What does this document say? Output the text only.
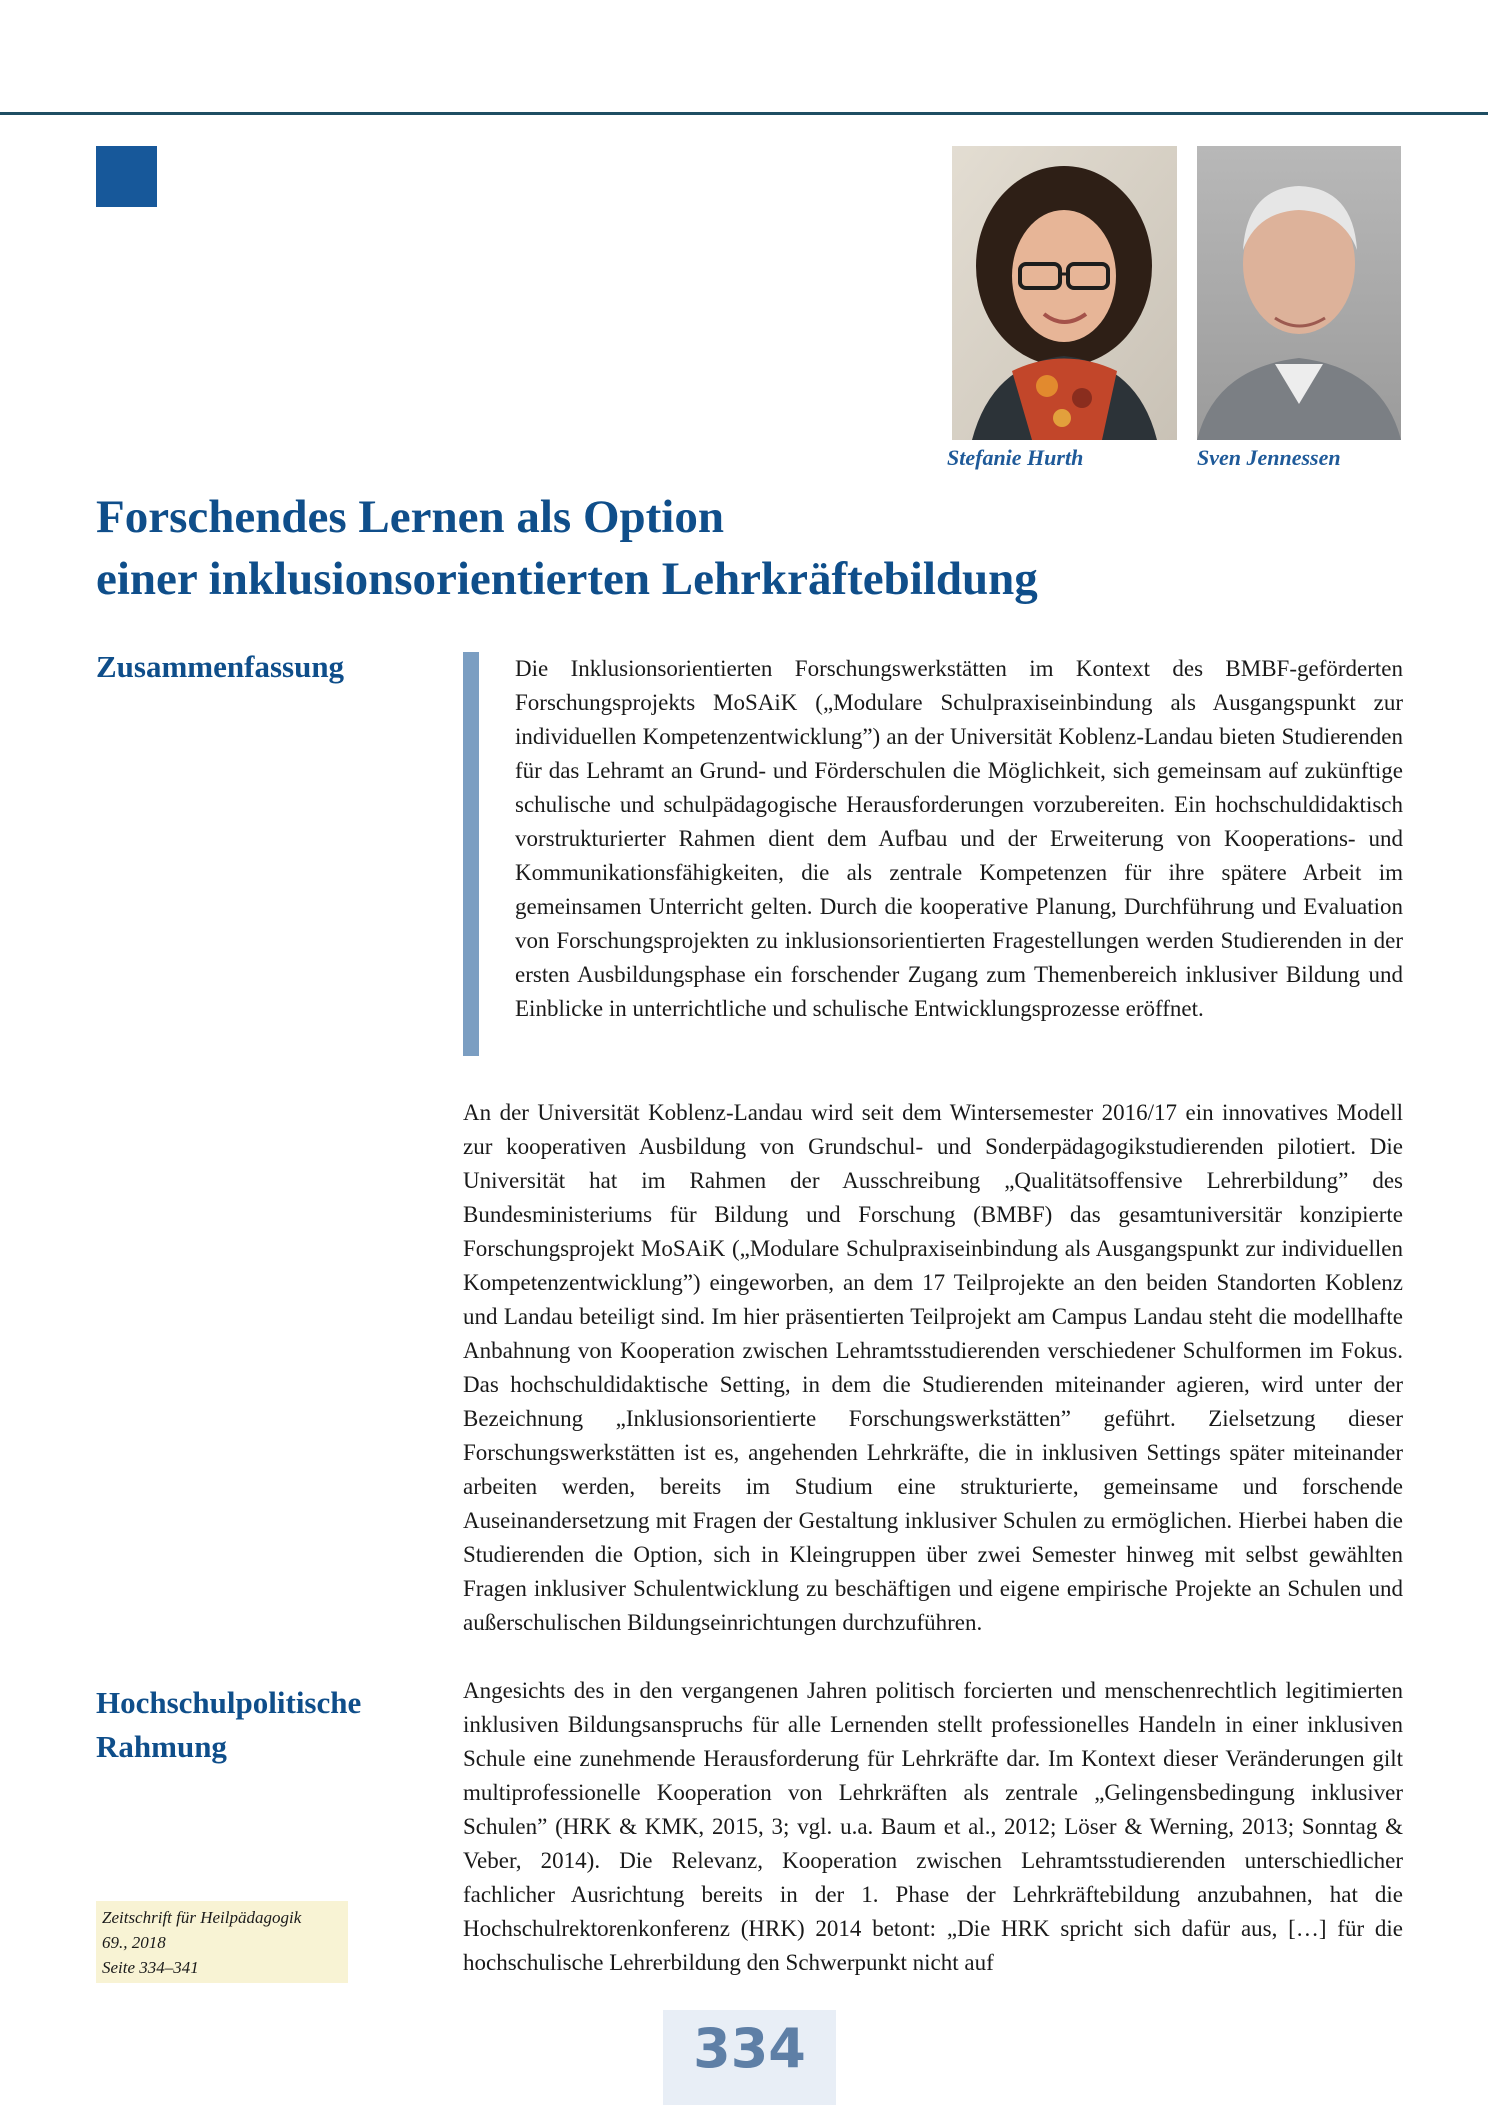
Stefanie Hurth	Sven Jennessen
Forschendes Lernen als Option
einer inklusionsorientierten Lehrkräftebildung
Zusammenfassung	Die Inklusionsorientierten Forschungswerkstätten im Kontext des BMBF-geförderten Forschungsprojekts MoSAiK („Modulare Schulpraxiseinbindung als Ausgangspunkt zur individuellen Kompetenzentwicklung”) an der Universität Koblenz-Landau bieten Studierenden für das Lehramt an Grund- und Förderschulen die Möglichkeit, sich gemeinsam auf zukünftige schulische und schulpädagogische Herausforderungen vorzubereiten. Ein hochschuldidaktisch vorstrukturierter Rahmen dient dem Aufbau und der Erweiterung von Kooperations- und Kommunikationsfähigkeiten, die als zentrale Kompetenzen für ihre spätere Arbeit im gemeinsamen Unterricht gelten. Durch die kooperative Planung, Durchführung und Evaluation von Forschungsprojekten zu inklusionsorientierten Fragestellungen werden Studierenden in der ersten Ausbildungsphase ein forschender Zugang zum Themenbereich inklusiver Bildung und Einblicke in unterrichtliche und schulische Entwicklungsprozesse eröffnet.

An der Universität Koblenz-Landau wird seit dem Wintersemester 2016/17 ein innovatives Modell zur kooperativen Ausbildung von Grundschul- und Sonderpädagogikstudierenden pilotiert. Die Universität hat im Rahmen der Ausschreibung „Qualitätsoffensive Lehrerbildung” des Bundesministeriums für Bildung und Forschung (BMBF) das gesamtuniversitär konzipierte Forschungsprojekt MoSAiK („Modulare Schulpraxiseinbindung als Ausgangspunkt zur individuellen Kompetenzentwicklung”) eingeworben, an dem 17 Teilprojekte an den beiden Standorten Koblenz und Landau beteiligt sind. Im hier präsentierten Teilprojekt am Campus Landau steht die modellhafte Anbahnung von Kooperation zwischen Lehramtsstudierenden verschiedener Schulformen im Fokus. Das hochschuldidaktische Setting, in dem die Studierenden miteinander agieren, wird unter der Bezeichnung „Inklusionsorientierte Forschungswerkstätten” geführt. Zielsetzung dieser Forschungswerkstätten ist es, angehenden Lehrkräfte, die in inklusiven Settings später miteinander arbeiten werden, bereits im Studium eine strukturierte, gemeinsame und forschende Auseinandersetzung mit Fragen der Gestaltung inklusiver Schulen zu ermöglichen. Hierbei haben die Studierenden die Option, sich in Kleingruppen über zwei Semester hinweg mit selbst gewählten Fragen inklusiver Schulentwicklung zu beschäftigen und eigene empirische Projekte an Schulen und außerschulischen Bildungseinrichtungen durchzuführen.

Hochschulpolitische
Rahmung

Angesichts des in den vergangenen Jahren politisch forcierten und menschenrechtlich legitimierten inklusiven Bildungsanspruchs für alle Lernenden stellt professionelles Handeln in einer inklusiven Schule eine zunehmende Herausforderung für Lehrkräfte dar. Im Kontext dieser Veränderungen gilt multiprofessionelle Kooperation von Lehrkräften als zentrale „Gelingensbedingung inklusiver Schulen” (HRK & KMK, 2015, 3; vgl. u.a. Baum et al., 2012; Löser & Werning, 2013; Sonntag & Veber, 2014). Die Relevanz, Kooperation zwischen Lehramtsstudierenden unterschiedlicher fachlicher Ausrichtung bereits in der 1. Phase der Lehrkräftebildung anzubahnen, hat die Hochschulrektorenkonferenz (HRK) 2014 betont: „Die HRK spricht sich dafür aus, […] für die hochschulische Lehrerbildung den Schwerpunkt nicht auf

Zeitschrift für Heilpädagogik
69., 2018
Seite 334–341
334
